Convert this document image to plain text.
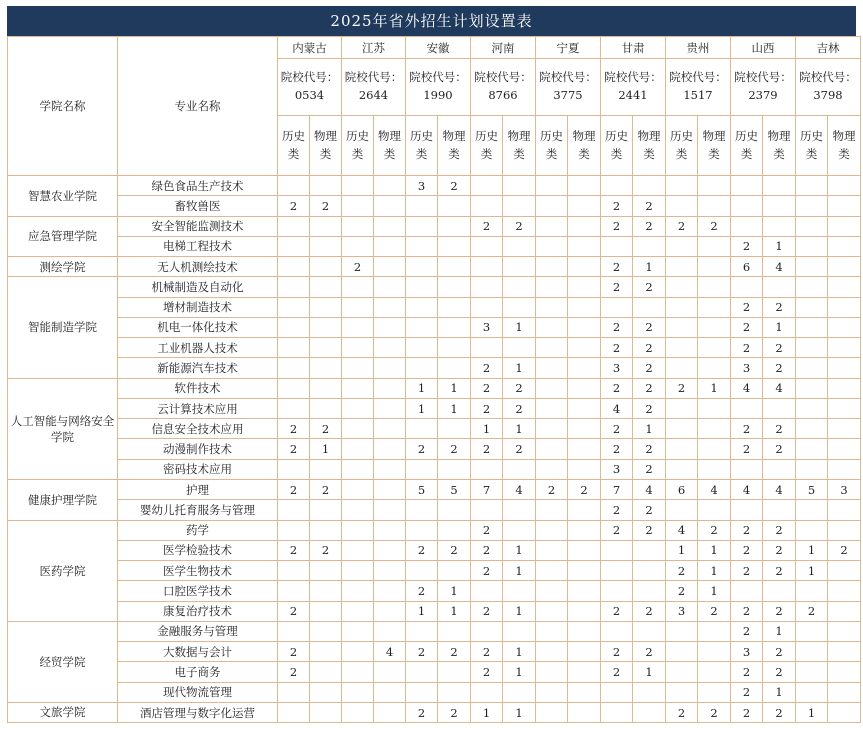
2025年省外招生计划设置表
学院名称	专业名称	内蒙古		江苏		安徽		河南		宁夏		甘肃		贵州		山西		吉林	
		院校代号：0534		院校代号：2644		院校代号：1990		院校代号：8766		院校代号：3775		院校代号：2441		院校代号：1517		院校代号：2379		院校代号：3798	
		历史类	物理类	历史类	物理类	历史类	物理类	历史类	物理类	历史类	物理类	历史类	物理类	历史类	物理类	历史类	物理类	历史类	物理类
智慧农业学院	绿色食品生产技术					3	2												
	畜牧兽医	2	2									2	2						
应急管理学院	安全智能监测技术							2	2			2	2	2	2				
	电梯工程技术															2	1		
测绘学院	无人机测绘技术			2								2	1			6	4		
智能制造学院	机械制造及自动化											2	2						
	增材制造技术															2	2		
	机电一体化技术							3	1			2	2			2	1		
	工业机器人技术											2	2			2	2		
	新能源汽车技术							2	1			3	2			3	2		
人工智能与网络安全学院	软件技术					1	1	2	2			2	2	2	1	4	4		
	云计算技术应用					1	1	2	2			4	2						
	信息安全技术应用	2	2					1	1			2	1			2	2		
	动漫制作技术	2	1			2	2	2	2			2	2			2	2		
	密码技术应用											3	2						
健康护理学院	护理	2	2			5	5	7	4	2	2	7	4	6	4	4	4	5	3
	婴幼儿托育服务与管理											2	2						
医药学院	药学							2				2	2	4	2	2	2		
	医学检验技术	2	2			2	2	2	1					1	1	2	2	1	2
	医学生物技术							2	1					2	1	2	2	1	
	口腔医学技术					2	1							2	1				
	康复治疗技术	2				1	1	2	1			2	2	3	2	2	2	2	
经贸学院	金融服务与管理															2	1		
	大数据与会计	2			4	2	2	2	1			2	2			3	2		
	电子商务	2						2	1			2	1			2	2		
	现代物流管理															2	1		
文旅学院	酒店管理与数字化运营					2	2	1	1					2	2	2	2	1	
